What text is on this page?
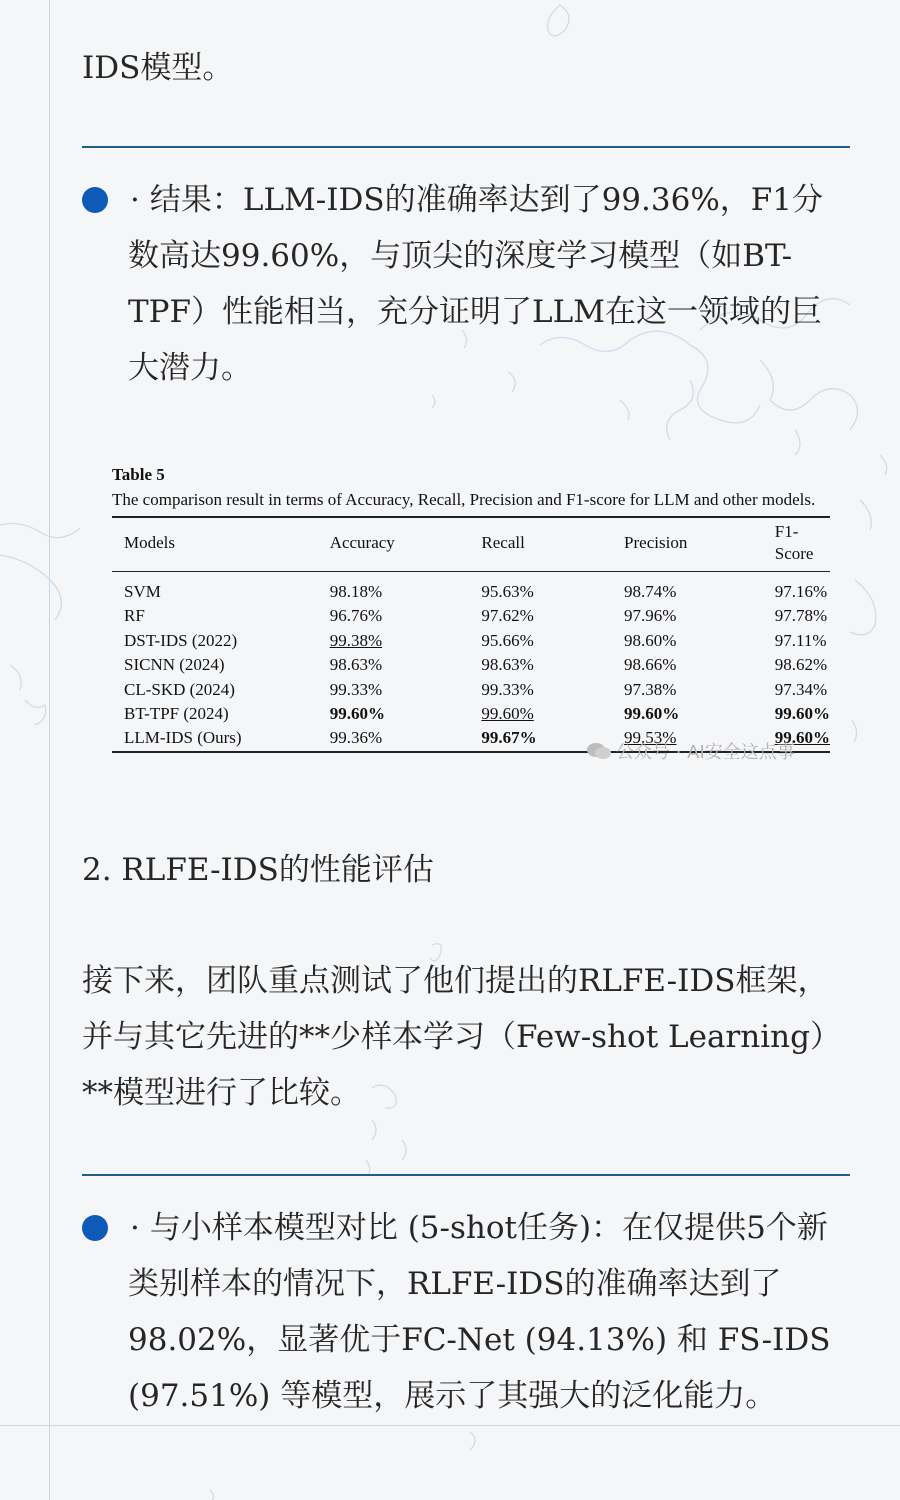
IDS模型。

· 结果：LLM-IDS的准确率达到了99.36%，F1分数高达99.60%，与顶尖的深度学习模型（如BT-TPF）性能相当，充分证明了LLM在这一领域的巨大潜力。

Table 5
The comparison result in terms of Accuracy, Recall, Precision and F1-score for LLM and other models.
Models	Accuracy	Recall	Precision	F1-Score
SVM	98.18%	95.63%	98.74%	97.16%
RF	96.76%	97.62%	97.96%	97.78%
DST-IDS (2022)	99.38%	95.66%	98.60%	97.11%
SICNN (2024)	98.63%	98.63%	98.66%	98.62%
CL-SKD (2024)	99.33%	99.33%	97.38%	97.34%
BT-TPF (2024)	99.60%	99.60%	99.60%	99.60%
LLM-IDS (Ours)	99.36%	99.67%	99.53%	99.60%
公众号 · AI安全这点事
2. RLFE-IDS的性能评估

接下来，团队重点测试了他们提出的RLFE-IDS框架，并与其它先进的**少样本学习（Few-shot Learning）**模型进行了比较。

· 与小样本模型对比 (5-shot任务)：在仅提供5个新类别样本的情况下，RLFE-IDS的准确率达到了98.02%，显著优于FC-Net (94.13%) 和 FS-IDS (97.51%) 等模型，展示了其强大的泛化能力。
